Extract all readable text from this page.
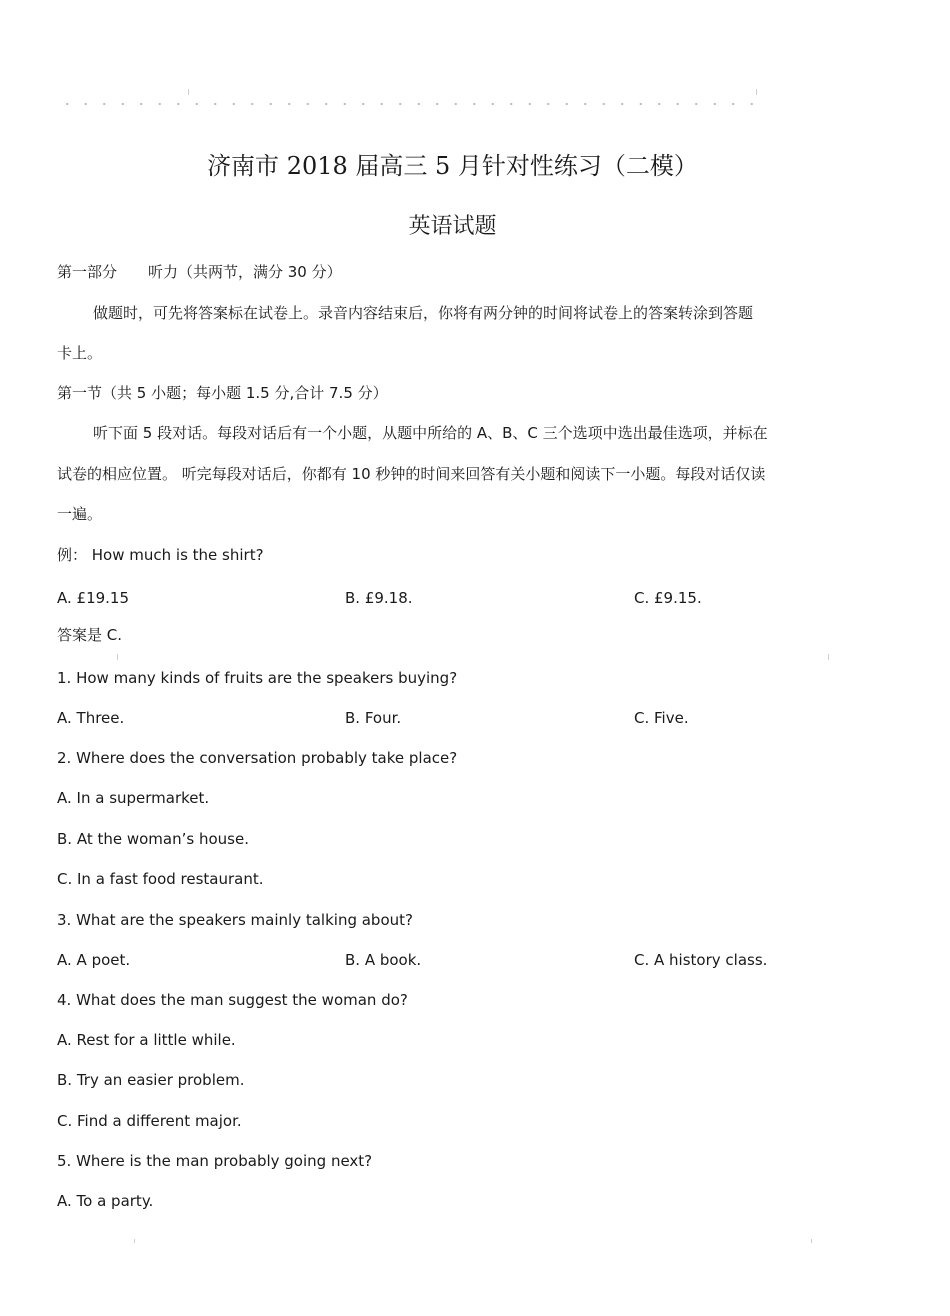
济南市 2018 届高三 5 月针对性练习（二模）
英语试题
第一部分 听力（共两节，满分 30 分）
做题时，可先将答案标在试卷上。录音内容结束后，你将有两分钟的时间将试卷上的答案转涂到答题
卡上。
第一节（共 5 小题；每小题 1.5 分,合计 7.5 分）
听下面 5 段对话。每段对话后有一个小题，从题中所给的 A、B、C 三个选项中选出最佳选项，并标在
试卷的相应位置。 听完每段对话后，你都有 10 秒钟的时间来回答有关小题和阅读下一小题。每段对话仅读
一遍。
例： How much is the shirt?
A. £19.15	B. £9.18.	C. £9.15.
答案是 C.
1. How many kinds of fruits are the speakers buying?
A. Three.	B. Four.	C. Five.
2. Where does the conversation probably take place?
A. In a supermarket.
B. At the woman’s house.
C. In a fast food restaurant.
3. What are the speakers mainly talking about?
A. A poet.	B. A book.	C. A history class.
4. What does the man suggest the woman do?
A. Rest for a little while.
B. Try an easier problem.
C. Find a different major.
5. Where is the man probably going next?
A. To a party.
